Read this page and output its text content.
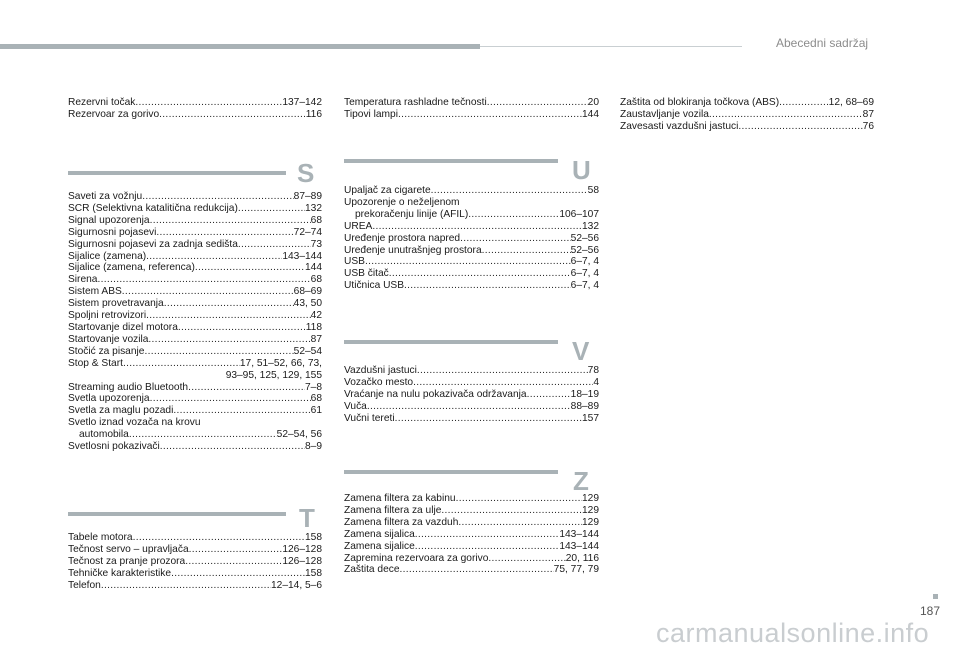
Abecedni sadržaj
Rezervni točak .....	137–142
Rezervoar za gorivo .....	116
S
Saveti za vožnju .....	87–89
SCR (Selektivna katalitična redukcija) .....	132
Signal upozorenja .....	68
Sigurnosni pojasevi .....	72–74
Sigurnosni pojasevi za zadnja sedišta .....	73
Sijalice (zamena) .....	143–144
Sijalice (zamena, referenca) .....	144
Sirena .....	68
Sistem ABS .....	68–69
Sistem provetravanja .....	43, 50
Spoljni retrovizori .....	42
Startovanje dizel motora .....	118
Startovanje vozila .....	87
Stočić za pisanje .....	52–54
Stop & Start .....	17, 51–52, 66, 73,
93–95, 125, 129, 155
Streaming audio Bluetooth .....	7–8
Svetla upozorenja .....	68
Svetla za maglu pozadi .....	61
Svetlo iznad vozača na krovu
automobila .....	52–54, 56
Svetlosni pokazivači .....	8–9
T
Tabele motora .....	158
Tečnost servo – upravljača .....	126–128
Tečnost za pranje prozora .....	126–128
Tehničke karakteristike .....	158
Telefon .....	12–14, 5–6
Temperatura rashladne tečnosti .....	20
Tipovi lampi .....	144
U
Upaljač za cigarete .....	58
Upozorenje o neželjenom
prekoračenju linije (AFIL) .....	106–107
UREA .....	132
Uređenje prostora napred .....	52–56
Uređenje unutrašnjeg prostora .....	52–56
USB .....	6–7, 4
USB čitač .....	6–7, 4
Utičnica USB .....	6–7, 4
V
Vazdušni jastuci .....	78
Vozačko mesto .....	4
Vraćanje na nulu pokazivača održavanja .....	18–19
Vuča .....	88–89
Vučni tereti .....	157
Z
Zamena filtera za kabinu .....	129
Zamena filtera za ulje .....	129
Zamena filtera za vazduh .....	129
Zamena sijalica .....	143–144
Zamena sijalice .....	143–144
Zapremina rezervoara za gorivo .....	20, 116
Zaštita dece .....	75, 77, 79
Zaštita od blokiranja točkova (ABS) .....	12, 68–69
Zaustavljanje vozila .....	87
Zavesasti vazdušni jastuci .....	76
187
carmanualsonline.info
